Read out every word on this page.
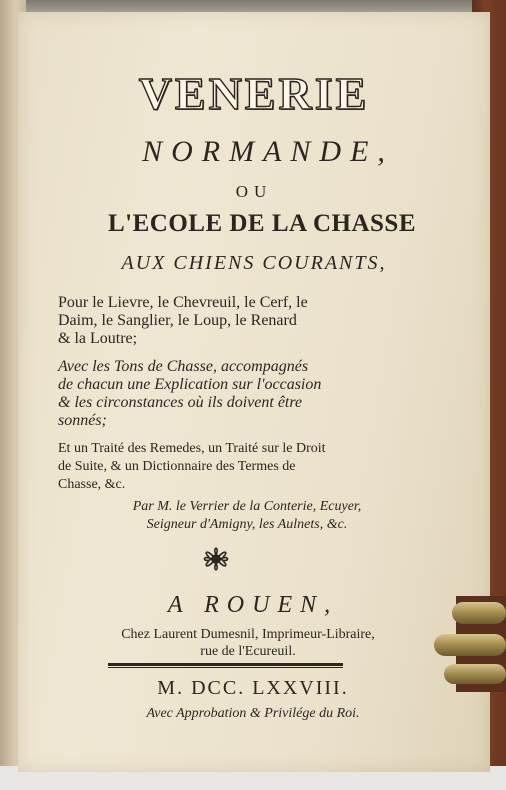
VENERIE
NORMANDE,
OU
L'ECOLE DE LA CHASSE
AUX CHIENS COURANTS,
Pour le Lievre, le Chevreuil, le Cerf, le
Daim, le Sanglier, le Loup, le Renard
& la Loutre;
Avec les Tons de Chasse, accompagnés
de chacun une Explication sur l'occasion
& les circonstances où ils doivent être
sonnés;
Et un Traité des Remedes, un Traité sur le Droit
de Suite, & un Dictionnaire des Termes de
Chasse, &c.
Par M. le Verrier de la Conterie, Ecuyer,
Seigneur d'Amigny, les Aulnets, &c.
A ROUEN,
Chez Laurent Dumesnil, Imprimeur-Libraire,
rue de l'Ecureuil.
M. DCC. LXXVIII.
Avec Approbation & Privilége du Roi.
